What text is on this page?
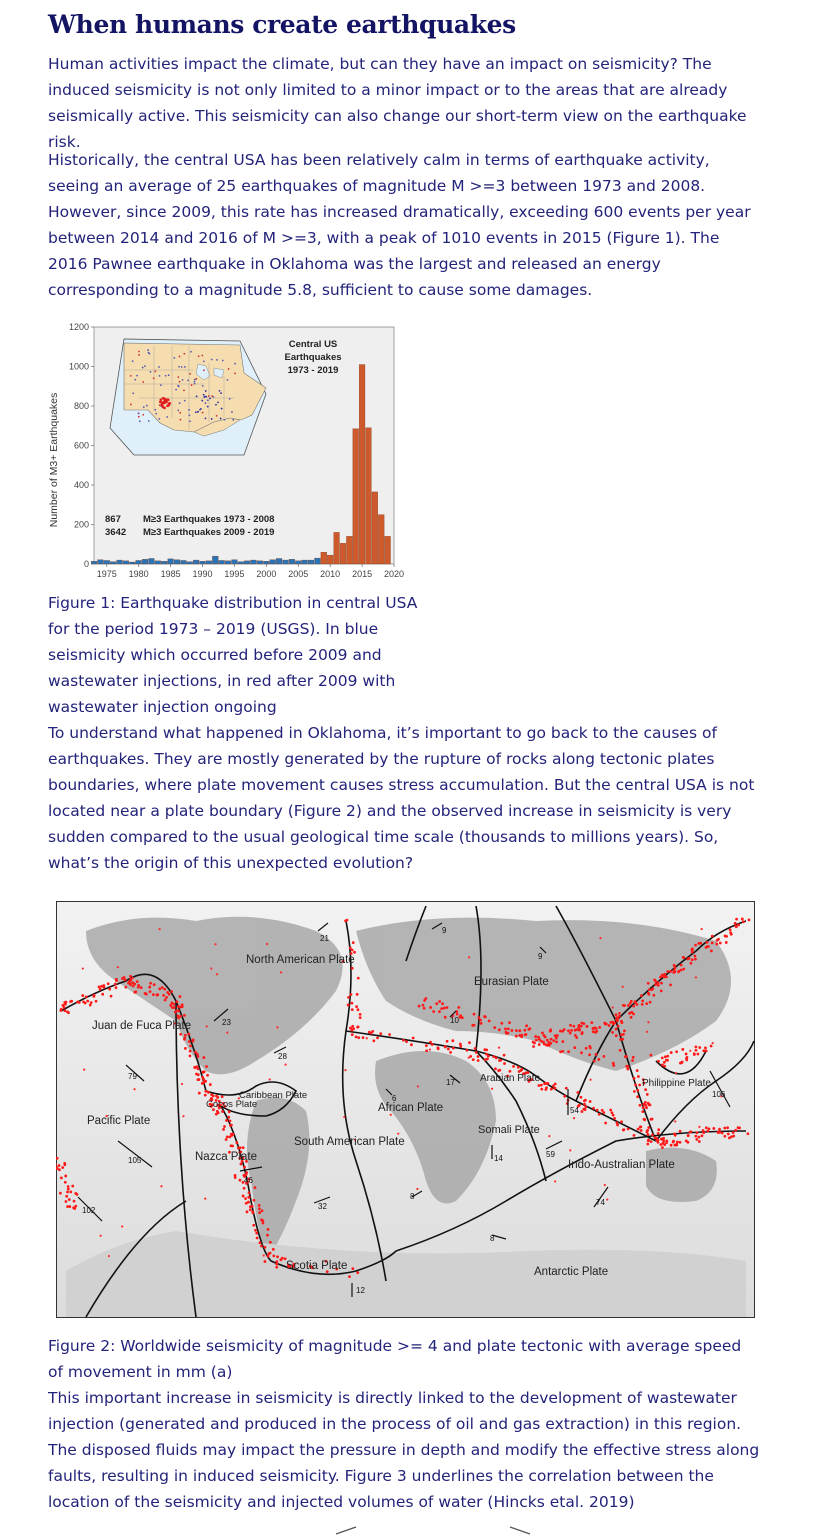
When humans create earthquakes

Human activities impact the climate, but can they have an impact on seismicity? The induced seismicity is not only limited to a minor impact or to the areas that are already seismically active. This seismicity can also change our short-term view on the earthquake risk.

Historically, the central USA has been relatively calm in terms of earthquake activity, seeing an average of 25 earthquakes of magnitude M >=3 between 1973 and 2008. However, since 2009, this rate has increased dramatically, exceeding 600 events per year between 2014 and 2016 of M >=3, with a peak of 1010 events in 2015 (Figure 1). The 2016 Pawnee earthquake in Oklahoma was the largest and released an energy corresponding to a magnitude 5.8, sufficient to cause some damages.

Number of M3+ Earthquakes
0
200
400
600
800
1000
1200
1975 1980 1985 1990 1995 2000 2005 2010 2015 2020
Central US
Earthquakes
1973 - 2019
867 M≥3 Earthquakes 1973 - 2008
3642 M≥3 Earthquakes 2009 - 2019

Figure 1: Earthquake distribution in central USA for the period 1973 – 2019 (USGS). In blue seismicity which occurred before 2009 and wastewater injections, in red after 2009 with wastewater injection ongoing

To understand what happened in Oklahoma, it’s important to go back to the causes of earthquakes. They are mostly generated by the rupture of rocks along tectonic plates boundaries, where plate movement causes stress accumulation. But the central USA is not located near a plate boundary (Figure 2) and the observed increase in seismicity is very sudden compared to the usual geological time scale (thousands to millions years). So, what’s the origin of this unexpected evolution?

North American Plate
Eurasian Plate
Juan de Fuca Plate
Pacific Plate
Cocos Plate
Caribbean Plate
Nazca Plate
South American Plate
African Plate
Arabian Plate
Somali Plate
Indo-Australian Plate
Philippine Plate
Antarctic Plate
Scotia Plate
79
105
102
46
32
23
21
9
9
10
28
6
17
14	59
54
74
8
8
106
12

Figure 2: Worldwide seismicity of magnitude >= 4 and plate tectonic with average speed of movement in mm (a)

This important increase in seismicity is directly linked to the development of wastewater injection (generated and produced in the process of oil and gas extraction) in this region. The disposed fluids may impact the pressure in depth and modify the effective stress along faults, resulting in induced seismicity. Figure 3 underlines the correlation between the location of the seismicity and injected volumes of water (Hincks etal. 2019)
